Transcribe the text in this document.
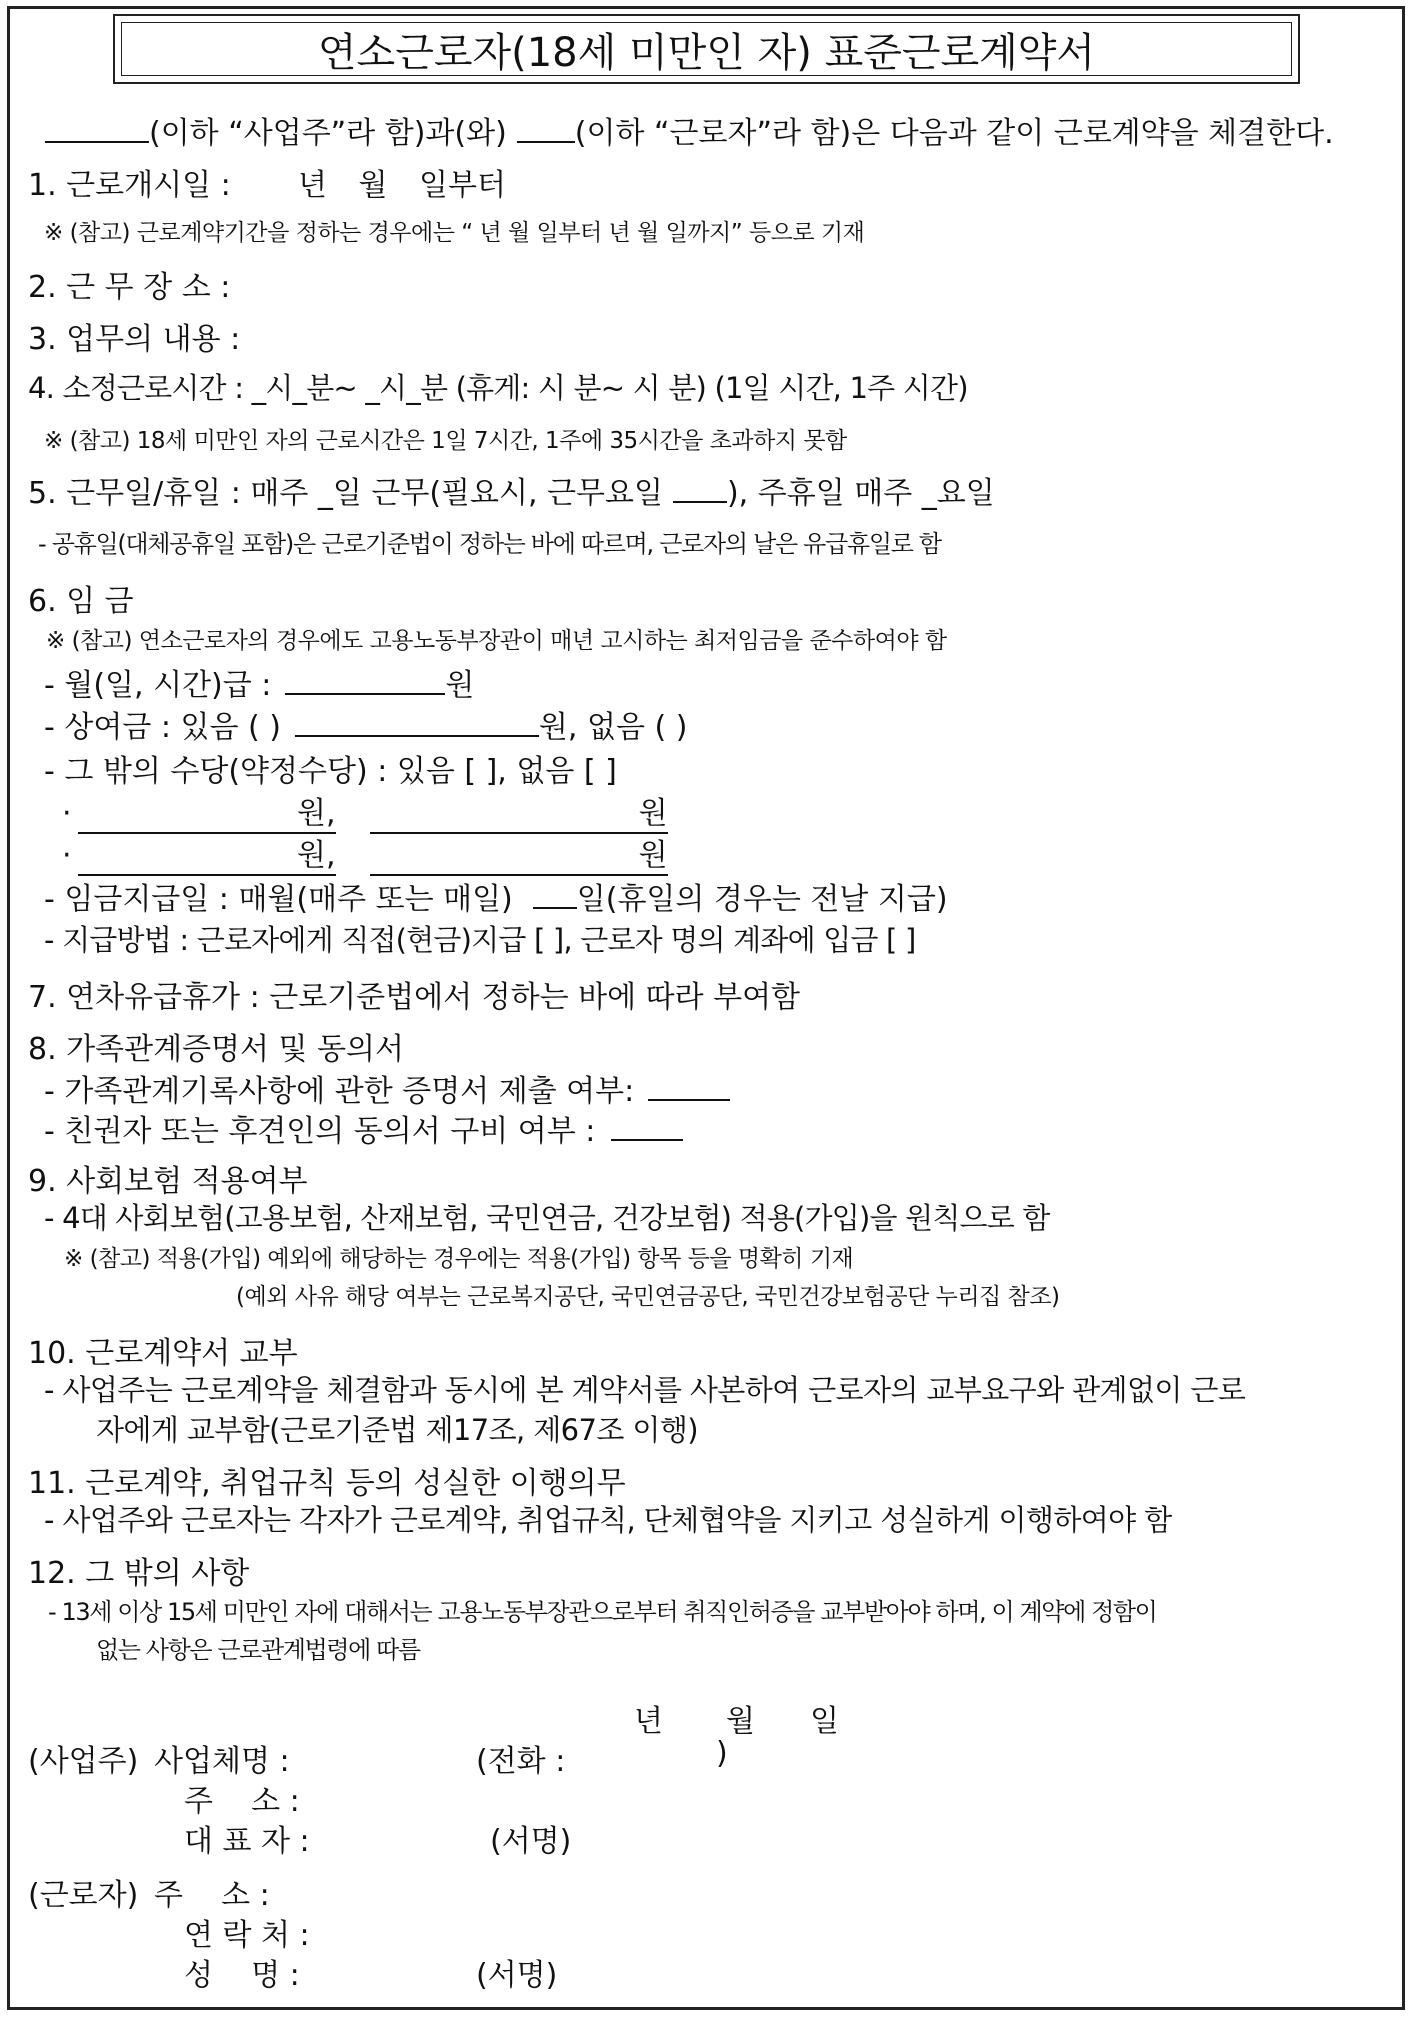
연소근로자(18세 미만인 자) 표준근로계약서
(이하 “사업주”라 함)과(와) (이하 “근로자”라 함)은 다음과 같이 근로계약을 체결한다.
1. 근로개시일 : 년 월 일부터
※ (참고) 근로계약기간을 정하는 경우에는 “ 년 월 일부터 년 월 일까지” 등으로 기재
2. 근 무 장 소 :
3. 업무의 내용 :
4. 소정근로시간 : _시_분~ _시_분 (휴게: 시 분~ 시 분) (1일 시간, 1주 시간)
※ (참고) 18세 미만인 자의 근로시간은 1일 7시간, 1주에 35시간을 초과하지 못함
5. 근무일/휴일 : 매주 _일 근무(필요시, 근무요일 ), 주휴일 매주 _요일
- 공휴일(대체공휴일 포함)은 근로기준법이 정하는 바에 따르며, 근로자의 날은 유급휴일로 함
6. 임 금
※ (참고) 연소근로자의 경우에도 고용노동부장관이 매년 고시하는 최저임금을 준수하여야 함
- 월(일, 시간)급 :	원
- 상여금 : 있음 ( )	원, 없음 ( )
- 그 밖의 수당(약정수당) : 있음 [ ], 없음 [ ]
·	원,	원
·	원,	원
- 임금지급일 : 매월(매주 또는 매일) 일(휴일의 경우는 전날 지급)
- 지급방법 : 근로자에게 직접(현금)지급 [ ], 근로자 명의 계좌에 입금 [ ]
7. 연차유급휴가 : 근로기준법에서 정하는 바에 따라 부여함
8. 가족관계증명서 및 동의서
- 가족관계기록사항에 관한 증명서 제출 여부:
- 친권자 또는 후견인의 동의서 구비 여부 :
9. 사회보험 적용여부
- 4대 사회보험(고용보험, 산재보험, 국민연금, 건강보험) 적용(가입)을 원칙으로 함
※ (참고) 적용(가입) 예외에 해당하는 경우에는 적용(가입) 항목 등을 명확히 기재
(예외 사유 해당 여부는 근로복지공단, 국민연금공단, 국민건강보험공단 누리집 참조)
10. 근로계약서 교부
- 사업주는 근로계약을 체결함과 동시에 본 계약서를 사본하여 근로자의 교부요구와 관계없이 근로
자에게 교부함(근로기준법 제17조, 제67조 이행)
11. 근로계약, 취업규칙 등의 성실한 이행의무
- 사업주와 근로자는 각자가 근로계약, 취업규칙, 단체협약을 지키고 성실하게 이행하여야 함
12. 그 밖의 사항
- 13세 이상 15세 미만인 자에 대해서는 고용노동부장관으로부터 취직인허증을 교부받아야 하며, 이 계약에 정함이
없는 사항은 근로관계법령에 따름
년 월 일
(사업주) 사업체명 :	(전화 :	)
주    소 :
대 표 자 :	(서명)
(근로자) 주    소 :
연 락 처 :
성    명 :	(서명)
